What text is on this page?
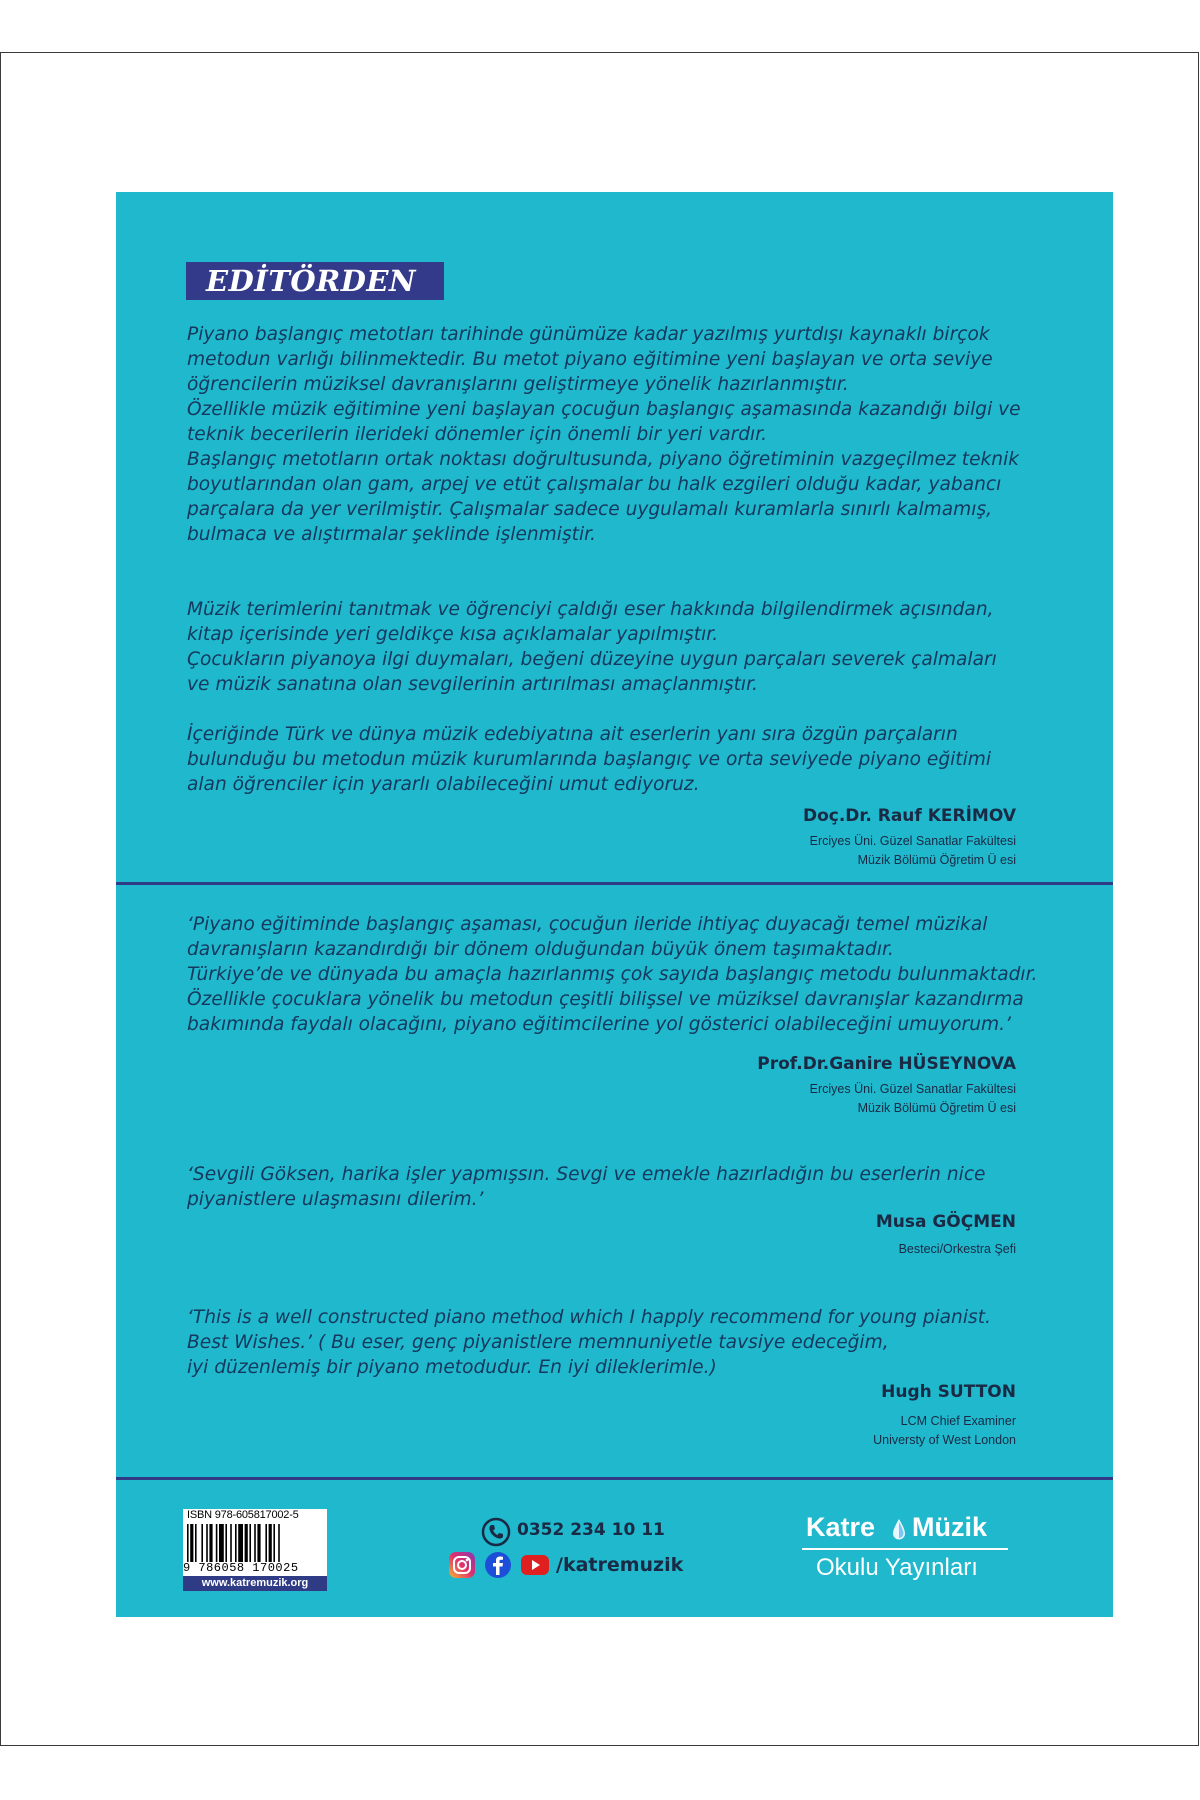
EDİTÖRDEN

Piyano başlangıç metotları tarihinde günümüze kadar yazılmış yurtdışı kaynaklı birçok
metodun varlığı bilinmektedir. Bu metot piyano eğitimine yeni başlayan ve orta seviye
öğrencilerin müziksel davranışlarını geliştirmeye yönelik hazırlanmıştır.
Özellikle müzik eğitimine yeni başlayan çocuğun başlangıç aşamasında kazandığı bilgi ve
teknik becerilerin ilerideki dönemler için önemli bir yeri vardır.

Başlangıç metotların ortak noktası doğrultusunda, piyano öğretiminin vazgeçilmez teknik
boyutlarından olan gam, arpej ve etüt çalışmalar bu halk ezgileri olduğu kadar, yabancı
parçalara da yer verilmiştir. Çalışmalar sadece uygulamalı kuramlarla sınırlı kalmamış,
bulmaca ve alıştırmalar şeklinde işlenmiştir.

Müzik terimlerini tanıtmak ve öğrenciyi çaldığı eser hakkında bilgilendirmek açısından,
kitap içerisinde yeri geldikçe kısa açıklamalar yapılmıştır.
Çocukların piyanoya ilgi duymaları, beğeni düzeyine uygun parçaları severek çalmaları
ve müzik sanatına olan sevgilerinin artırılması amaçlanmıştır.

İçeriğinde Türk ve dünya müzik edebiyatına ait eserlerin yanı sıra özgün parçaların
bulunduğu bu metodun müzik kurumlarında başlangıç ve orta seviyede piyano eğitimi
alan öğrenciler için yararlı olabileceğini umut ediyoruz.

Doç.Dr. Rauf KERİMOV

Erciyes Üni. Güzel Sanatlar Fakültesi
Müzik Bölümü Öğretim Ü esi

‘Piyano eğitiminde başlangıç aşaması, çocuğun ileride ihtiyaç duyacağı temel müzikal
davranışların kazandırdığı bir dönem olduğundan büyük önem taşımaktadır.
Türkiye’de ve dünyada bu amaçla hazırlanmış çok sayıda başlangıç metodu bulunmaktadır.
Özellikle çocuklara yönelik bu metodun çeşitli bilişsel ve müziksel davranışlar kazandırma
bakımında faydalı olacağını, piyano eğitimcilerine yol gösterici olabileceğini umuyorum.’

Prof.Dr.Ganire HÜSEYNOVA

Erciyes Üni. Güzel Sanatlar Fakültesi
Müzik Bölümü Öğretim Ü esi

‘Sevgili Göksen, harika işler yapmışsın. Sevgi ve emekle hazırladığın bu eserlerin nice
piyanistlere ulaşmasını dilerim.’

Musa GÖÇMEN

Besteci/Orkestra Şefi

‘This is a well constructed piano method which I happly recommend for young pianist.
Best Wishes.’ ( Bu eser, genç piyanistlere memnuniyetle tavsiye edeceğim,
iyi düzenlemiş bir piyano metodudur. En iyi dileklerimle.)

Hugh SUTTON

LCM Chief Examiner
Universty of West London

ISBN 978-605817002-5
9 786058 170025
www.katremuzik.org
0352 234 10 11
/katremuzik
Katre Müzik
Okulu Yayınları
